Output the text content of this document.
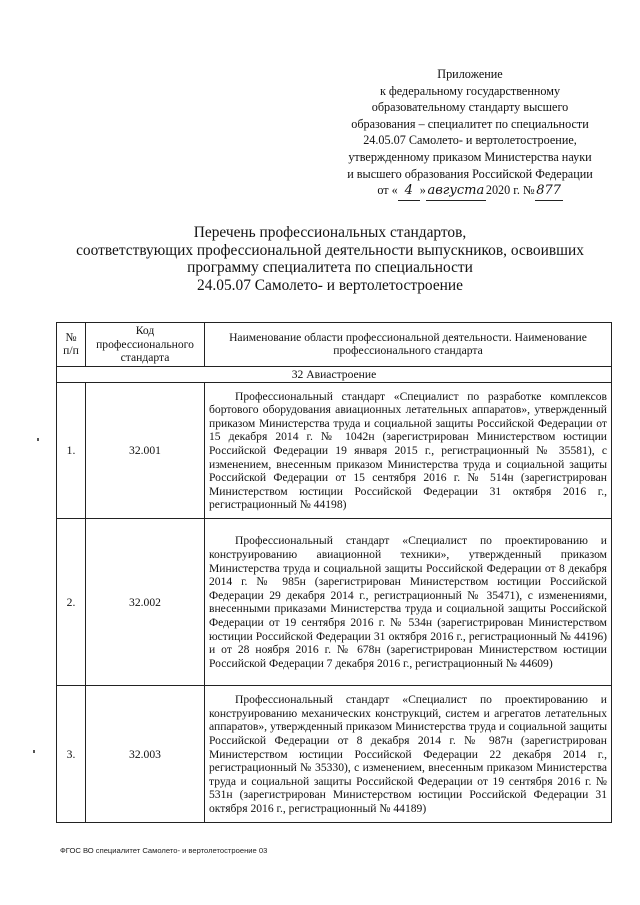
Приложение
к федеральному государственному
образовательному стандарту высшего
образования – специалитет по специальности
24.05.07 Самолето- и вертолетостроение,
утвержденному приказом Министерства науки
и высшего образования Российской Федерации
от « 4 » августа 2020 г. № 877
Перечень профессиональных стандартов,
соответствующих профессиональной деятельности выпускников, освоивших
программу специалитета по специальности
24.05.07 Самолето- и вертолетостроение
№ п/п	Код профессионального стандарта	Наименование области профессиональной деятельности. Наименование профессионального стандарта
32 Авиастроение		
1.	32.001	Профессиональный стандарт «Специалист по разработке комплексов бортового оборудования авиационных летательных аппаратов», утвержденный приказом Министерства труда и социальной защиты Российской Федерации от 15 декабря 2014 г. № 1042н (зарегистрирован Министерством юстиции Российской Федерации 19 января 2015 г., регистрационный № 35581), с изменением, внесенным приказом Министерства труда и социальной защиты Российской Федерации от 15 сентября 2016 г. № 514н (зарегистрирован Министерством юстиции Российской Федерации 31 октября 2016 г., регистрационный № 44198)
2.	32.002	Профессиональный стандарт «Специалист по проектированию и конструированию авиационной техники», утвержденный приказом Министерства труда и социальной защиты Российской Федерации от 8 декабря 2014 г. № 985н (зарегистрирован Министерством юстиции Российской Федерации 29 декабря 2014 г., регистрационный № 35471), с изменениями, внесенными приказами Министерства труда и социальной защиты Российской Федерации от 19 сентября 2016 г. № 534н (зарегистрирован Министерством юстиции Российской Федерации 31 октября 2016 г., регистрационный № 44196) и от 28 ноября 2016 г. № 678н (зарегистрирован Министерством юстиции Российской Федерации 7 декабря 2016 г., регистрационный № 44609)
3.	32.003	Профессиональный стандарт «Специалист по проектированию и конструированию механических конструкций, систем и агрегатов летательных аппаратов», утвержденный приказом Министерства труда и социальной защиты Российской Федерации от 8 декабря 2014 г. № 987н (зарегистрирован Министерством юстиции Российской Федерации 22 декабря 2014 г., регистрационный № 35330), с изменением, внесенным приказом Министерства труда и социальной защиты Российской Федерации от 19 сентября 2016 г. № 531н (зарегистрирован Министерством юстиции Российской Федерации 31 октября 2016 г., регистрационный № 44189)
ФГОС ВО специалитет Самолето- и вертолетостроение 03
